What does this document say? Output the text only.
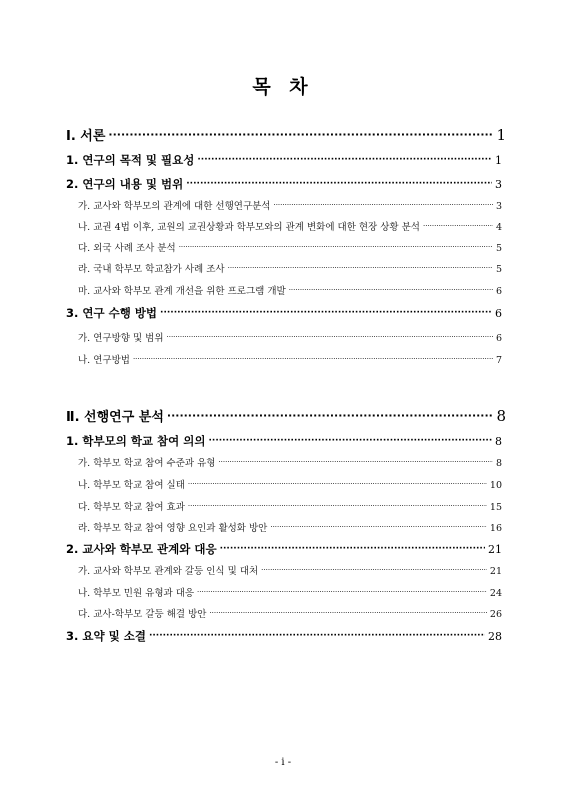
목 차
Ⅰ. 서론 ·····	1
1. 연구의 목적 및 필요성 ·····	1
2. 연구의 내용 및 범위 ·····	3
가. 교사와 학부모의 관계에 대한 선행연구분석 ·····	3
나. 교권 4법 이후, 교원의 교권상황과 학부모와의 관계 변화에 대한 현장 상황 분석 ·····	4
다. 외국 사례 조사 분석 ·····	5
라. 국내 학부모 학교참가 사례 조사 ·····	5
마. 교사와 학부모 관계 개선을 위한 프로그램 개발 ·····	6
3. 연구 수행 방법 ·····	6
가. 연구방향 및 범위 ·····	6
나. 연구방법 ·····	7
Ⅱ. 선행연구 분석 ·····	8
1. 학부모의 학교 참여 의의 ·····	8
가. 학부모 학교 참여 수준과 유형 ·····	8
나. 학부모 학교 참여 실태 ·····	10
다. 학부모 학교 참여 효과 ·····	15
라. 학부모 학교 참여 영향 요인과 활성화 방안 ·····	16
2. 교사와 학부모 관계와 대응 ·····	21
가. 교사와 학부모 관계와 갈등 인식 및 대처 ·····	21
나. 학부모 민원 유형과 대응 ·····	24
다. 교사-학부모 갈등 해결 방안 ·····	26
3. 요약 및 소결 ·····	28
- i -
